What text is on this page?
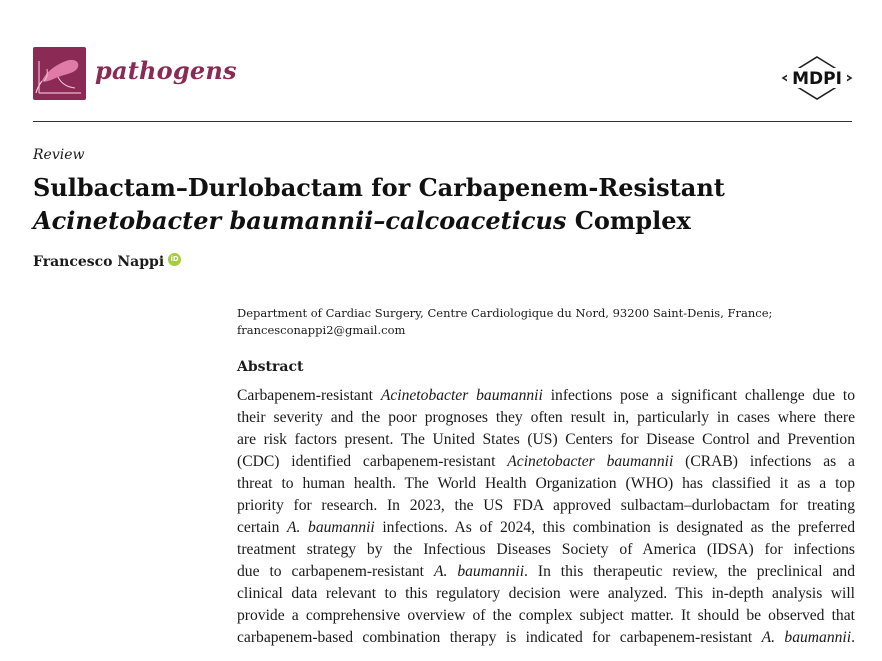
pathogens	MDPI
Review
Sulbactam–Durlobactam for Carbapenem-Resistant
Acinetobacter baumannii–calcoaceticus Complex
Francesco Nappi iD
Department of Cardiac Surgery, Centre Cardiologique du Nord, 93200 Saint-Denis, France;
francesconappi2@gmail.com
Abstract
Carbapenem-resistant Acinetobacter baumannii infections pose a significant challenge due to
their severity and the poor prognoses they often result in, particularly in cases where there
are risk factors present. The United States (US) Centers for Disease Control and Prevention
(CDC) identified carbapenem-resistant Acinetobacter baumannii (CRAB) infections as a
threat to human health. The World Health Organization (WHO) has classified it as a top
priority for research. In 2023, the US FDA approved sulbactam–durlobactam for treating
certain A. baumannii infections. As of 2024, this combination is designated as the preferred
treatment strategy by the Infectious Diseases Society of America (IDSA) for infections
due to carbapenem-resistant A. baumannii. In this therapeutic review, the preclinical and
clinical data relevant to this regulatory decision were analyzed. This in-depth analysis will
provide a comprehensive overview of the complex subject matter. It should be observed that
carbapenem-based combination therapy is indicated for carbapenem-resistant A. baumannii.
